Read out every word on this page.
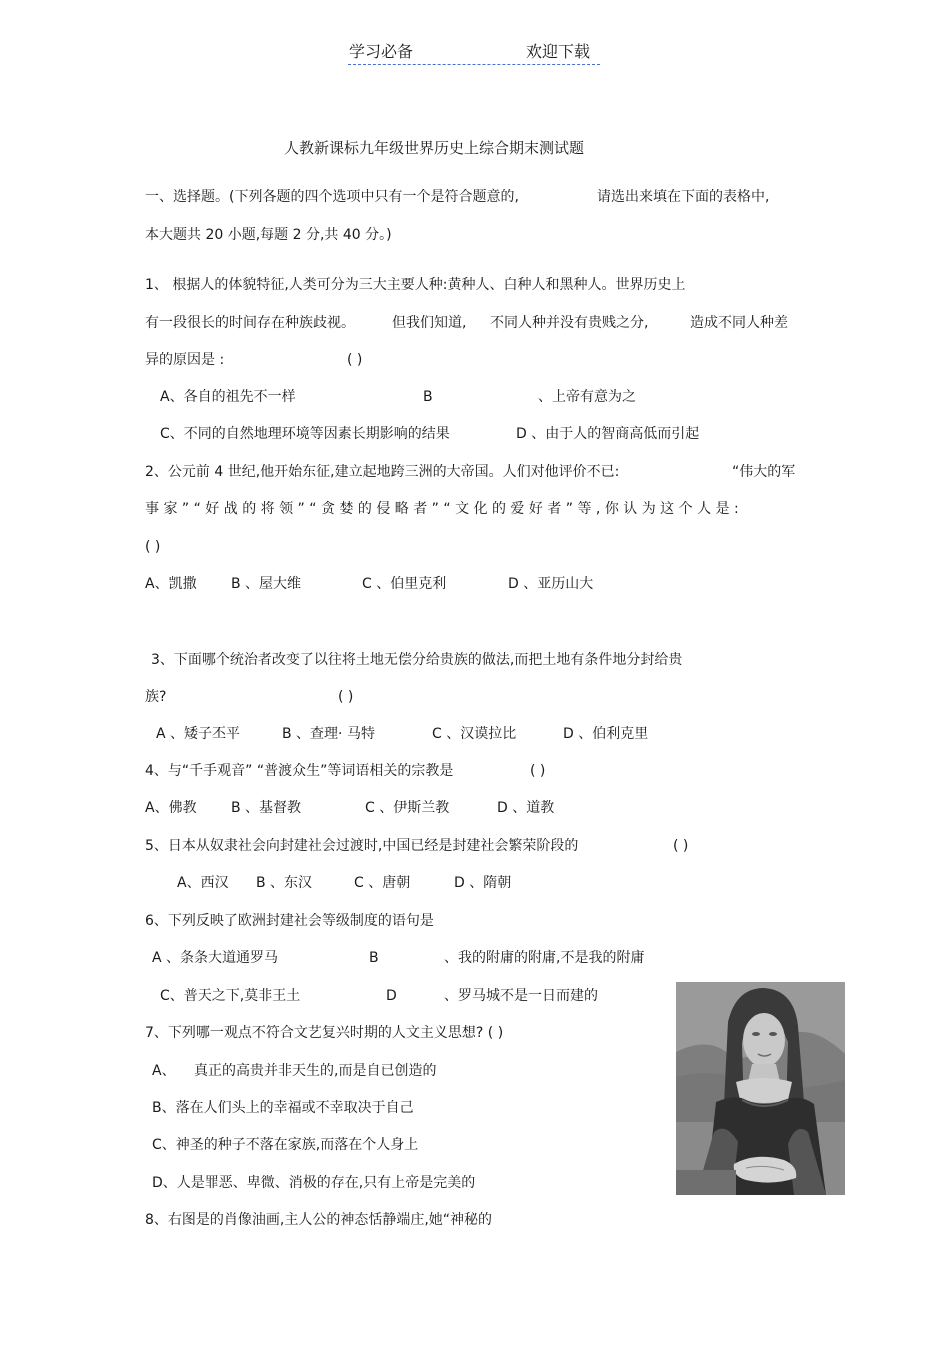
学习必备	欢迎下载
人教新课标九年级世界历史上综合期末测试题
一、选择题。(下列各题的四个选项中只有一个是符合题意的,	请选出来填在下面的表格中,
本大题共 20 小题,每题 2 分,共 40 分。)
1、 根据人的体貌特征,人类可分为三大主要人种:黄种人、白种人和黑种人。世界历史上
有一段很长的时间存在种族歧视。	但我们知道, 不同人种并没有贵贱之分,	造成不同人种差
异的原因是 :	( )
A、各自的祖先不一样	B	、上帝有意为之
C、不同的自然地理环境等因素长期影响的结果	D 、由于人的智商高低而引起
2、公元前 4 世纪,他开始东征,建立起地跨三洲的大帝国。人们对他评价不已:	“伟大的军
事 家 ” “ 好 战 的 将 领 ” “ 贪 婪 的 侵 略 者 ” “ 文 化 的 爱 好 者 ” 等 , 你 认 为 这 个 人 是 :
( )
A、凯撒 B 、屋大维	C 、伯里克利	D 、亚历山大
3、下面哪个统治者改变了以往将土地无偿分给贵族的做法,而把土地有条件地分封给贵
族?	( )
A 、矮子丕平	B 、查理· 马特	C 、汉谟拉比	D 、伯利克里
4、与“千手观音” “普渡众生”等词语相关的宗教是	( )
A、佛教 B 、基督教	C 、伊斯兰教	D 、道教
5、日本从奴隶社会向封建社会过渡时,中国已经是封建社会繁荣阶段的	( )
A、西汉 B 、东汉	C 、唐朝	D 、隋朝
6、下列反映了欧洲封建社会等级制度的语句是
A 、条条大道通罗马	B	、我的附庸的附庸,不是我的附庸
C、普天之下,莫非王土	D	、罗马城不是一日而建的
7、下列哪一观点不符合文艺复兴时期的人文主义思想? ( )
A、 真正的高贵并非天生的,而是自已创造的
B、落在人们头上的幸福或不幸取决于自己
C、神圣的种子不落在家族,而落在个人身上
D、人是罪恶、卑微、消极的存在,只有上帝是完美的
8、右图是的肖像油画,主人公的神态恬静端庄,她“神秘的
